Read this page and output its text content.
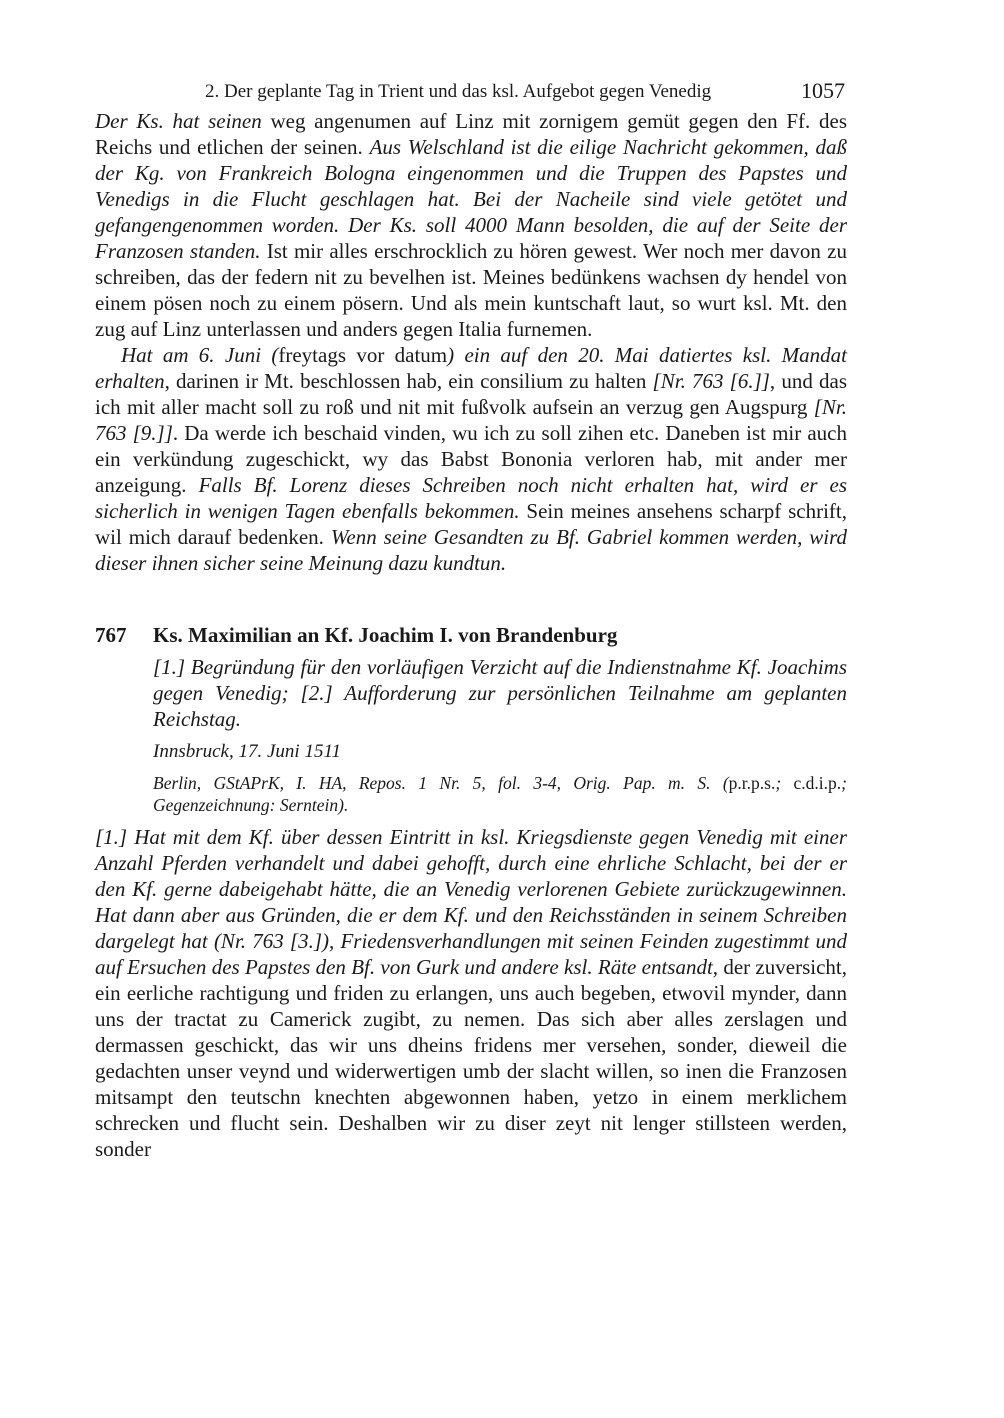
2. Der geplante Tag in Trient und das ksl. Aufgebot gegen Venedig	1057

Der Ks. hat seinen weg angenumen auf Linz mit zornigem gemüt gegen den Ff. des Reichs und etlichen der seinen. Aus Welschland ist die eilige Nachricht gekommen, daß der Kg. von Frankreich Bologna eingenommen und die Truppen des Papstes und Venedigs in die Flucht geschlagen hat. Bei der Nacheile sind viele getötet und gefangengenommen worden. Der Ks. soll 4000 Mann besolden, die auf der Seite der Franzosen standen. Ist mir alles erschrocklich zu hören gewest. Wer noch mer davon zu schreiben, das der federn nit zu bevelhen ist. Meines bedünkens wachsen dy hendel von einem pösen noch zu einem pösern. Und als mein kuntschaft laut, so wurt ksl. Mt. den zug auf Linz unterlassen und anders gegen Italia furnemen.

Hat am 6. Juni (freytags vor datum) ein auf den 20. Mai datiertes ksl. Mandat erhalten, darinen ir Mt. beschlossen hab, ein consilium zu halten [Nr. 763 [6.]], und das ich mit aller macht soll zu roß und nit mit fußvolk aufsein an verzug gen Augspurg [Nr. 763 [9.]]. Da werde ich beschaid vinden, wu ich zu soll zihen etc. Daneben ist mir auch ein verkündung zugeschickt, wy das Babst Bononia verloren hab, mit ander mer anzeigung. Falls Bf. Lorenz dieses Schreiben noch nicht erhalten hat, wird er es sicherlich in wenigen Tagen ebenfalls bekommen. Sein meines ansehens scharpf schrift, wil mich darauf bedenken. Wenn seine Gesandten zu Bf. Gabriel kommen werden, wird dieser ihnen sicher seine Meinung dazu kundtun.

767	Ks. Maximilian an Kf. Joachim I. von Brandenburg

[1.] Begründung für den vorläufigen Verzicht auf die Indienstnahme Kf. Joachims gegen Venedig; [2.] Aufforderung zur persönlichen Teilnahme am geplanten Reichstag.

Innsbruck, 17. Juni 1511

Berlin, GStAPrK, I. HA, Repos. 1 Nr. 5, fol. 3-4, Orig. Pap. m. S. (p.r.p.s.; c.d.i.p.; Gegenzeichnung: Serntein).

[1.] Hat mit dem Kf. über dessen Eintritt in ksl. Kriegsdienste gegen Venedig mit einer Anzahl Pferden verhandelt und dabei gehofft, durch eine ehrliche Schlacht, bei der er den Kf. gerne dabeigehabt hätte, die an Venedig verlorenen Gebiete zurückzugewinnen. Hat dann aber aus Gründen, die er dem Kf. und den Reichsständen in seinem Schreiben dargelegt hat (Nr. 763 [3.]), Friedensverhandlungen mit seinen Feinden zugestimmt und auf Ersuchen des Papstes den Bf. von Gurk und andere ksl. Räte entsandt, der zuversicht, ein eerliche rachtigung und friden zu erlangen, uns auch begeben, etwovil mynder, dann uns der tractat zu Camerick zugibt, zu nemen. Das sich aber alles zerslagen und dermassen geschickt, das wir uns dheins fridens mer versehen, sonder, dieweil die gedachten unser veynd und widerwertigen umb der slacht willen, so inen die Franzosen mitsampt den teutschn knechten abgewonnen haben, yetzo in einem merklichem schrecken und flucht sein. Deshalben wir zu diser zeyt nit lenger stillsteen werden, sonder
